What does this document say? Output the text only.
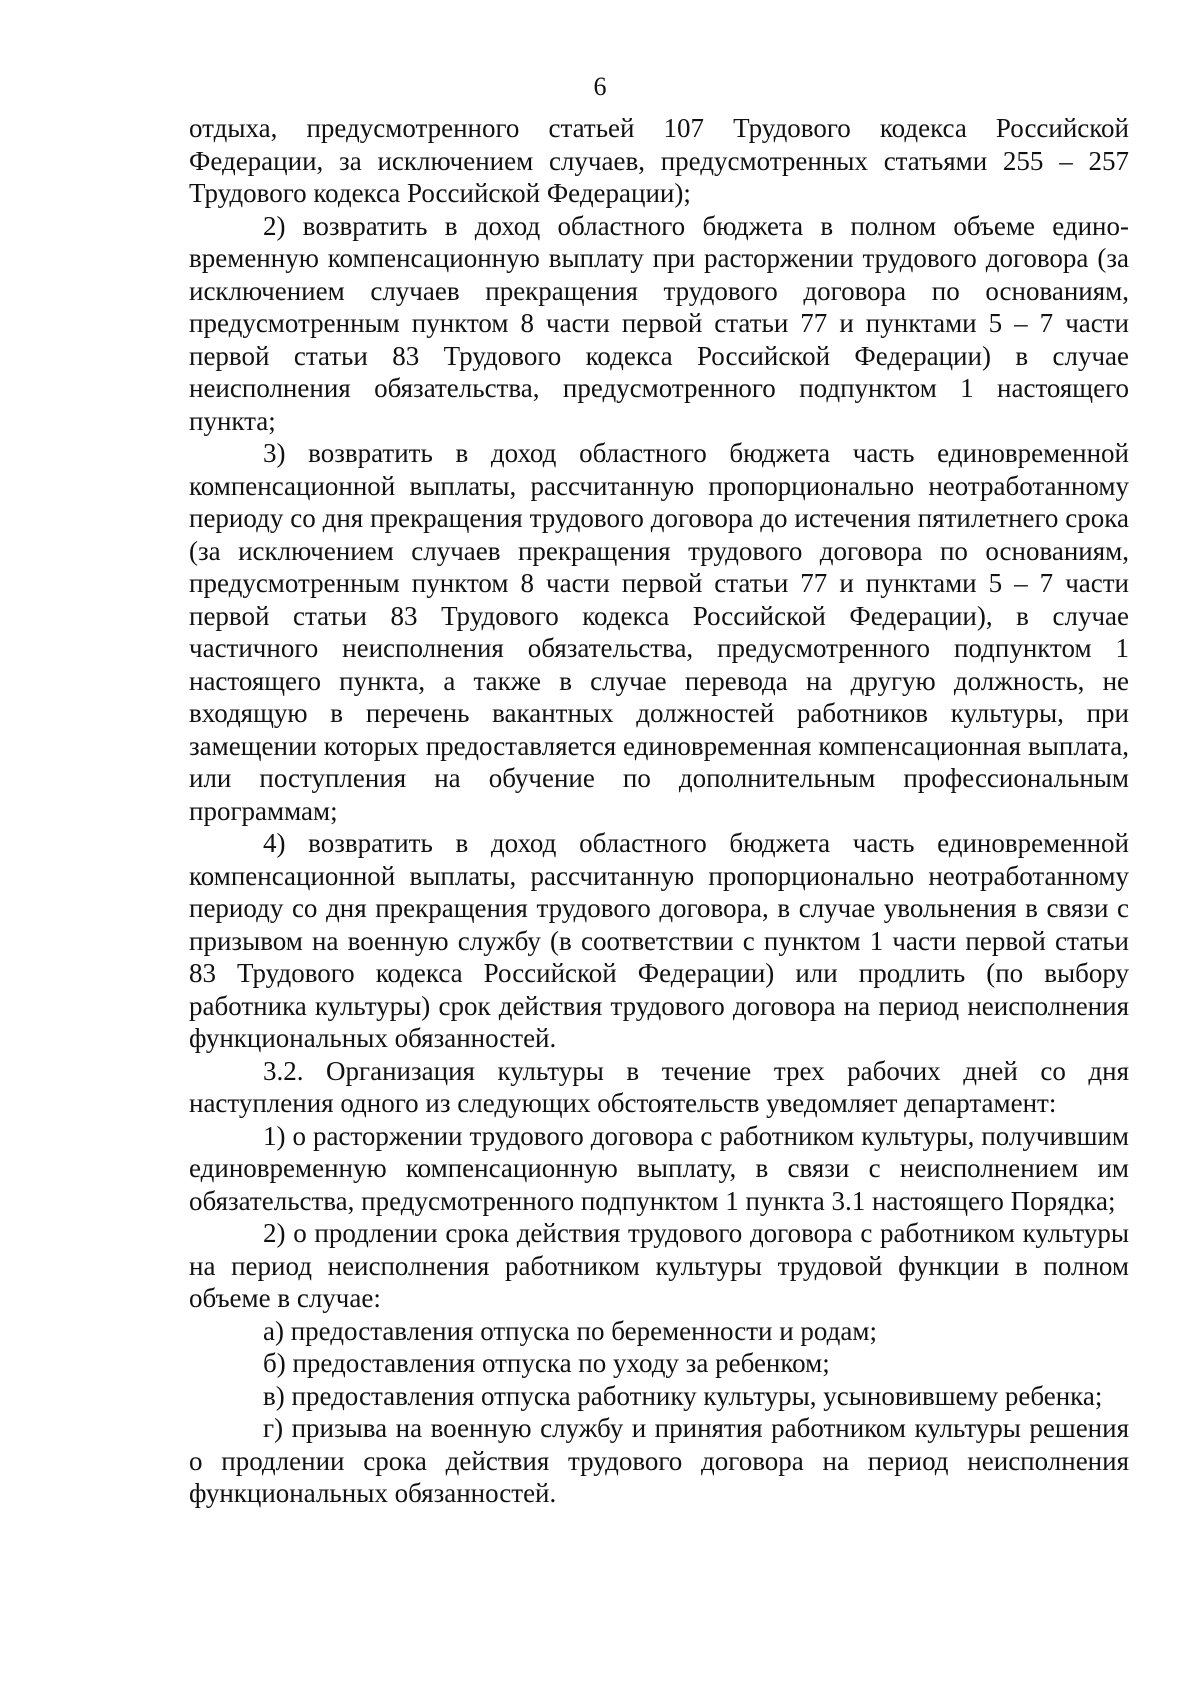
6

отдыха, предусмотренного статьей 107 Трудового кодекса Российской Федерации, за исключением случаев, предусмотренных статьями 255 – 257 Трудового кодекса Российской Федерации);

2) возвратить в доход областного бюджета в полном объеме единовременную компенсационную выплату при расторжении трудового договора (за исключением случаев прекращения трудового договора по основаниям, предусмотренным пунктом 8 части первой статьи 77 и пунктами 5 – 7 части первой статьи 83 Трудового кодекса Российской Федерации) в случае неисполнения обязательства, предусмотренного подпунктом 1 настоящего пункта;

3) возвратить в доход областного бюджета часть единовременной компенсационной выплаты, рассчитанную пропорционально неотработанному периоду со дня прекращения трудового договора до истечения пятилетнего срока (за исключением случаев прекращения трудового договора по основаниям, предусмотренным пунктом 8 части первой статьи 77 и пунктами 5 – 7 части первой статьи 83 Трудового кодекса Российской Федерации), в случае частичного неисполнения обязательства, предусмотренного подпунктом 1 настоящего пункта, а также в случае перевода на другую должность, не входящую в перечень вакантных должностей работников культуры, при замещении которых предоставляется единовременная компенсационная выплата, или поступления на обучение по дополнительным профессиональным программам;

4) возвратить в доход областного бюджета часть единовременной компенсационной выплаты, рассчитанную пропорционально неотработанному периоду со дня прекращения трудового договора, в случае увольнения в связи с призывом на военную службу (в соответствии с пунктом 1 части первой статьи 83 Трудового кодекса Российской Федерации) или продлить (по выбору работника культуры) срок действия трудового договора на период неисполнения функциональных обязанностей.

3.2. Организация культуры в течение трех рабочих дней со дня наступления одного из следующих обстоятельств уведомляет департамент:

1) о расторжении трудового договора с работником культуры, получившим единовременную компенсационную выплату, в связи с неисполнением им обязательства, предусмотренного подпунктом 1 пункта 3.1 настоящего Порядка;

2) о продлении срока действия трудового договора с работником культуры на период неисполнения работником культуры трудовой функции в полном объеме в случае:

а) предоставления отпуска по беременности и родам;

б) предоставления отпуска по уходу за ребенком;

в) предоставления отпуска работнику культуры, усыновившему ребенка;

г) призыва на военную службу и принятия работником культуры решения о продлении срока действия трудового договора на период неисполнения функциональных обязанностей.
